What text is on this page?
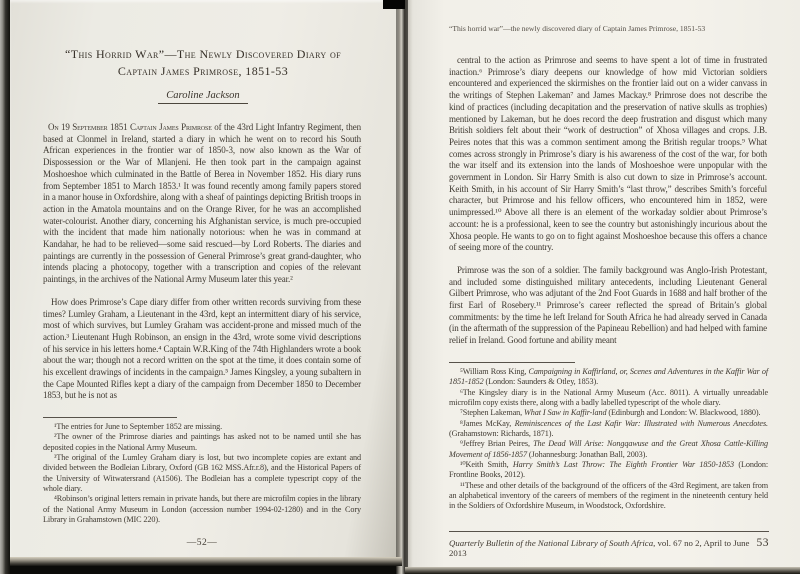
“This Horrid War”—The Newly Discovered Diary of
Captain James Primrose, 1851-53
Caroline Jackson

On 19 September 1851 Captain James Primrose of the 43rd Light Infantry Regiment, then based at Clonmel in Ireland, started a diary in which he went on to record his South African experiences in the frontier war of 1850-3, now also known as the War of Dispossession or the War of Mlanjeni. He then took part in the campaign against Moshoeshoe which culminated in the Battle of Berea in November 1852. His diary runs from September 1851 to March 1853.¹ It was found recently among family papers stored in a manor house in Oxfordshire, along with a sheaf of paintings depicting British troops in action in the Amatola mountains and on the Orange River, for he was an accomplished water-colourist. Another diary, concerning his Afghanistan service, is much pre-occupied with the incident that made him nationally notorious: when he was in command at Kandahar, he had to be relieved—some said rescued—by Lord Roberts. The diaries and paintings are currently in the possession of General Primrose’s great grand-daughter, who intends placing a photocopy, together with a transcription and copies of the relevant paintings, in the archives of the National Army Museum later this year.²

How does Primrose’s Cape diary differ from other written records surviving from these times? Lumley Graham, a Lieutenant in the 43rd, kept an intermittent diary of his service, most of which survives, but Lumley Graham was accident-prone and missed much of the action.³ Lieutenant Hugh Robinson, an ensign in the 43rd, wrote some vivid descriptions of his service in his letters home.⁴ Captain W.R.King of the 74th Highlanders wrote a book about the war; though not a record written on the spot at the time, it does contain some of his excellent drawings of incidents in the campaign.⁵ James Kingsley, a young subaltern in the Cape Mounted Rifles kept a diary of the campaign from December 1850 to December 1853, but he is not as

¹The entries for June to September 1852 are missing.

²The owner of the Primrose diaries and paintings has asked not to be named until she has deposited copies in the National Army Museum.

³The original of the Lumley Graham diary is lost, but two incomplete copies are extant and divided between the Bodleian Library, Oxford (GB 162 MSS.Afr.r.8), and the Historical Papers of the University of Witwatersrand (A1506). The Bodleian has a complete typescript copy of the whole diary.

⁴Robinson’s original letters remain in private hands, but there are microfilm copies in the library of the National Army Museum in London (accession number 1994-02-1280) and in the Cory Library in Grahamstown (MIC 220).

—52—
“This horrid war”—the newly discovered diary of Captain James Primrose, 1851-53

central to the action as Primrose and seems to have spent a lot of time in frustrated inaction.⁶ Primrose’s diary deepens our knowledge of how mid Victorian soldiers encountered and experienced the skirmishes on the frontier laid out on a wider canvass in the writings of Stephen Lakeman⁷ and James Mackay.⁸ Primrose does not describe the kind of practices (including decapitation and the preservation of native skulls as trophies) mentioned by Lakeman, but he does record the deep frustration and disgust which many British soldiers felt about their “work of destruction” of Xhosa villages and crops. J.B. Peires notes that this was a common sentiment among the British regular troops.⁹ What comes across strongly in Primrose’s diary is his awareness of the cost of the war, for both the war itself and its extension into the lands of Moshoeshoe were unpopular with the government in London. Sir Harry Smith is also cut down to size in Primrose’s account. Keith Smith, in his account of Sir Harry Smith’s “last throw,” describes Smith’s forceful character, but Primrose and his fellow officers, who encountered him in 1852, were unimpressed.¹⁰ Above all there is an element of the workaday soldier about Primrose’s account: he is a professional, keen to see the country but astonishingly incurious about the Xhosa people. He wants to go on to fight against Moshoeshoe because this offers a chance of seeing more of the country.

Primrose was the son of a soldier. The family background was Anglo-Irish Protestant, and included some distinguished military antecedents, including Lieutenant General Gilbert Primrose, who was adjutant of the 2nd Foot Guards in 1688 and half brother of the first Earl of Rosebery.¹¹ Primrose’s career reflected the spread of Britain’s global commitments: by the time he left Ireland for South Africa he had already served in Canada (in the aftermath of the suppression of the Papineau Rebellion) and had helped with famine relief in Ireland. Good fortune and ability meant

⁵William Ross King, Campaigning in Kaffirland, or, Scenes and Adventures in the Kaffir War of 1851-1852 (London: Saunders & Otley, 1853).

⁶The Kingsley diary is in the National Army Museum (Acc. 8011). A virtually unreadable microfilm copy exists there, along with a badly labelled typescript of the whole diary.

⁷Stephen Lakeman, What I Saw in Kaffir-land (Edinburgh and London: W. Blackwood, 1880).

⁸James McKay, Reminiscences of the Last Kafir War: Illustrated with Numerous Anecdotes. (Grahamstown: Richards, 1871).

⁹Jeffrey Brian Peires, The Dead Will Arise: Nongqawuse and the Great Xhosa Cattle-Killing Movement of 1856-1857 (Johannesburg: Jonathan Ball, 2003).

¹⁰Keith Smith, Harry Smith’s Last Throw: The Eighth Frontier War 1850-1853 (London: Frontline Books, 2012).

¹¹These and other details of the background of the officers of the 43rd Regiment, are taken from an alphabetical inventory of the careers of members of the regiment in the nineteenth century held in the Soldiers of Oxfordshire Museum, in Woodstock, Oxfordshire.

Quarterly Bulletin of the National Library of South Africa, vol. 67 no 2, April to June 2013
53
